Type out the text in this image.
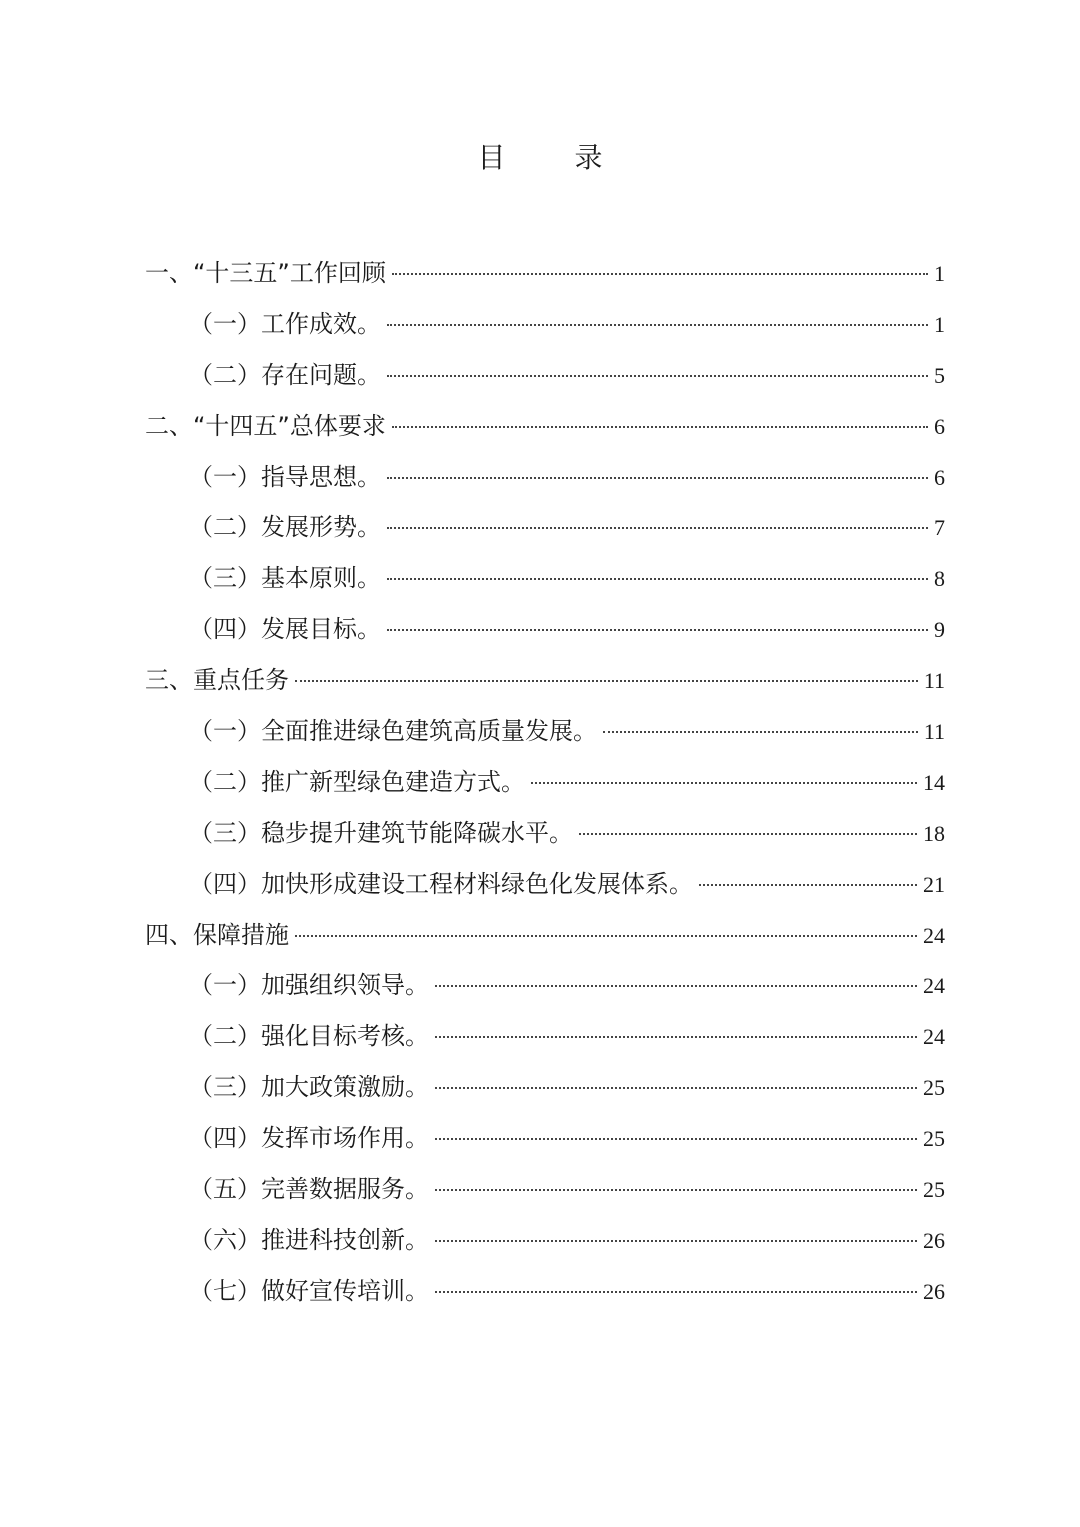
目 录
一、“十三五”工作回顾	1
（一）工作成效。	1
（二）存在问题。	5
二、“十四五”总体要求	6
（一）指导思想。	6
（二）发展形势。	7
（三）基本原则。	8
（四）发展目标。	9
三、重点任务	11
（一）全面推进绿色建筑高质量发展。	11
（二）推广新型绿色建造方式。	14
（三）稳步提升建筑节能降碳水平。	18
（四）加快形成建设工程材料绿色化发展体系。	21
四、保障措施	24
（一）加强组织领导。	24
（二）强化目标考核。	24
（三）加大政策激励。	25
（四）发挥市场作用。	25
（五）完善数据服务。	25
（六）推进科技创新。	26
（七）做好宣传培训。	26
